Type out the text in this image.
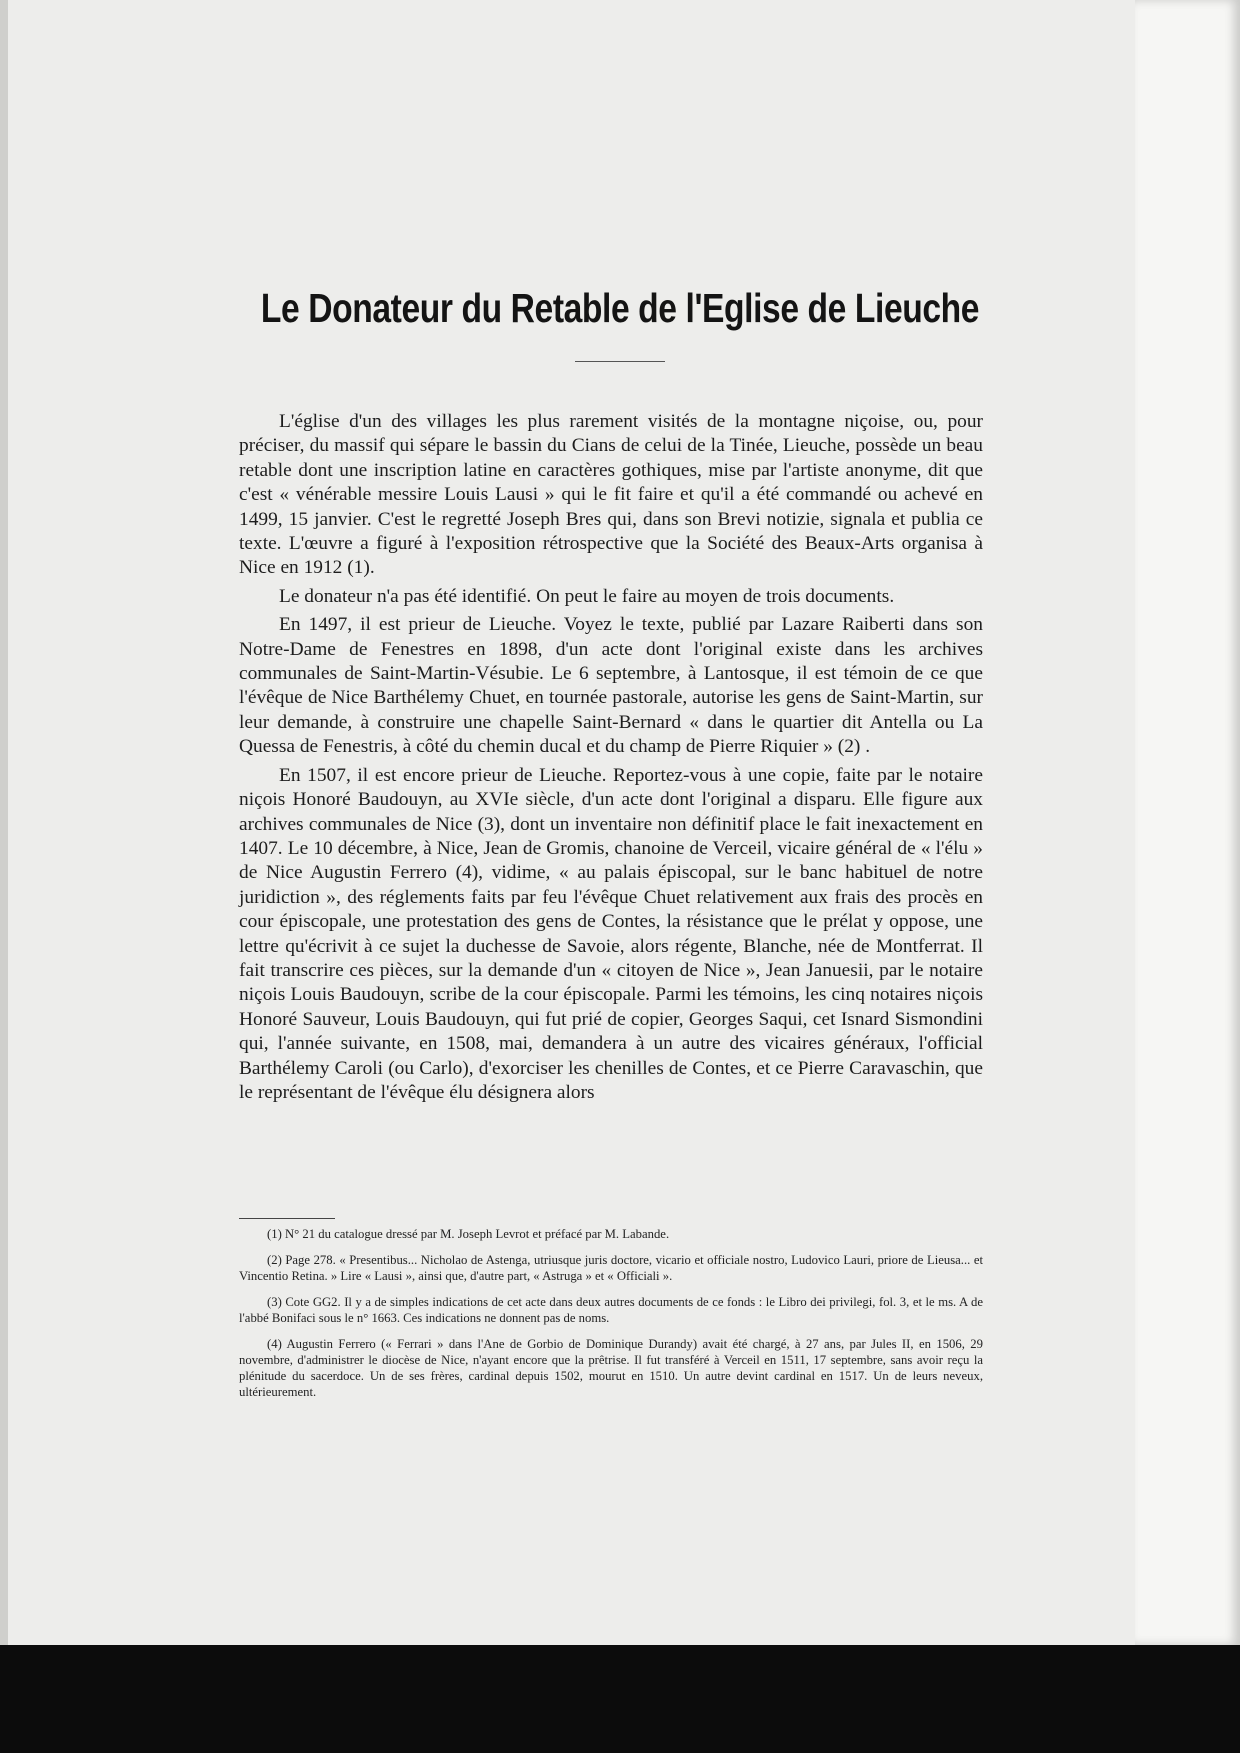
Le Donateur du Retable de l'Eglise de Lieuche

L'église d'un des villages les plus rarement visités de la montagne niçoise, ou, pour préciser, du massif qui sépare le bassin du Cians de celui de la Tinée, Lieuche, possède un beau retable dont une inscription latine en caractères gothiques, mise par l'artiste anonyme, dit que c'est « vénérable messire Louis Lausi » qui le fit faire et qu'il a été commandé ou achevé en 1499, 15 janvier. C'est le regretté Joseph Bres qui, dans son Brevi notizie, signala et publia ce texte. L'œuvre a figuré à l'exposition rétrospective que la Société des Beaux-Arts organisa à Nice en 1912 (1).

Le donateur n'a pas été identifié. On peut le faire au moyen de trois documents.

En 1497, il est prieur de Lieuche. Voyez le texte, publié par Lazare Raiberti dans son Notre-Dame de Fenestres en 1898, d'un acte dont l'original existe dans les archives communales de Saint-Martin-Vésubie. Le 6 septembre, à Lantosque, il est témoin de ce que l'évêque de Nice Barthélemy Chuet, en tournée pastorale, autorise les gens de Saint-Martin, sur leur demande, à construire une chapelle Saint-Bernard « dans le quartier dit Antella ou La Quessa de Fenestris, à côté du chemin ducal et du champ de Pierre Riquier » (2) .

En 1507, il est encore prieur de Lieuche. Reportez-vous à une copie, faite par le notaire niçois Honoré Baudouyn, au XVIe siècle, d'un acte dont l'original a disparu. Elle figure aux archives communales de Nice (3), dont un inventaire non définitif place le fait inexactement en 1407. Le 10 décembre, à Nice, Jean de Gromis, chanoine de Verceil, vicaire général de « l'élu » de Nice Augustin Ferrero (4), vidime, « au palais épiscopal, sur le banc habituel de notre juridiction », des réglements faits par feu l'évêque Chuet relativement aux frais des procès en cour épiscopale, une protestation des gens de Contes, la résistance que le prélat y oppose, une lettre qu'écrivit à ce sujet la duchesse de Savoie, alors régente, Blanche, née de Montferrat. Il fait transcrire ces pièces, sur la demande d'un « citoyen de Nice », Jean Januesii, par le notaire niçois Louis Baudouyn, scribe de la cour épiscopale. Parmi les témoins, les cinq notaires niçois Honoré Sauveur, Louis Baudouyn, qui fut prié de copier, Georges Saqui, cet Isnard Sismondini qui, l'année suivante, en 1508, mai, demandera à un autre des vicaires généraux, l'official Barthélemy Caroli (ou Carlo), d'exorciser les chenilles de Contes, et ce Pierre Caravaschin, que le représentant de l'évêque élu désignera alors

(1) N° 21 du catalogue dressé par M. Joseph Levrot et préfacé par M. Labande.

(2) Page 278. « Presentibus... Nicholao de Astenga, utriusque juris doctore, vicario et officiale nostro, Ludovico Lauri, priore de Lieusa... et Vincentio Retina. » Lire « Lausi », ainsi que, d'autre part, « Astruga » et « Officiali ».

(3) Cote GG2. Il y a de simples indications de cet acte dans deux autres documents de ce fonds : le Libro dei privilegi, fol. 3, et le ms. A de l'abbé Bonifaci sous le n° 1663. Ces indications ne donnent pas de noms.

(4) Augustin Ferrero (« Ferrari » dans l'Ane de Gorbio de Dominique Durandy) avait été chargé, à 27 ans, par Jules II, en 1506, 29 novembre, d'administrer le diocèse de Nice, n'ayant encore que la prêtrise. Il fut transféré à Verceil en 1511, 17 septembre, sans avoir reçu la plénitude du sacerdoce. Un de ses frères, cardinal depuis 1502, mourut en 1510. Un autre devint cardinal en 1517. Un de leurs neveux, ultérieurement.
